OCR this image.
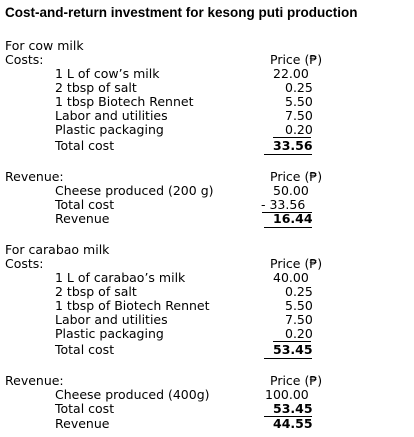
Cost-and-return investment for kesong puti production
For cow milk
Costs:	Price (₱)
1 L of cow’s milk	22.00
2 tbsp of salt	0.25
1 tbsp Biotech Rennet	5.50
Labor and utilities	7.50
Plastic packaging	0.20
Total cost	33.56
Revenue:	Price (₱)
Cheese produced (200 g)	50.00
Total cost	- 33.56
Revenue	16.44
For carabao milk
Costs:	Price (₱)
1 L of carabao’s milk	40.00
2 tbsp of salt	0.25
1 tbsp of Biotech Rennet	5.50
Labor and utilities	7.50
Plastic packaging	0.20
Total cost	53.45
Revenue:	Price (₱)
Cheese produced (400g)	100.00
Total cost	53.45
Revenue	44.55
